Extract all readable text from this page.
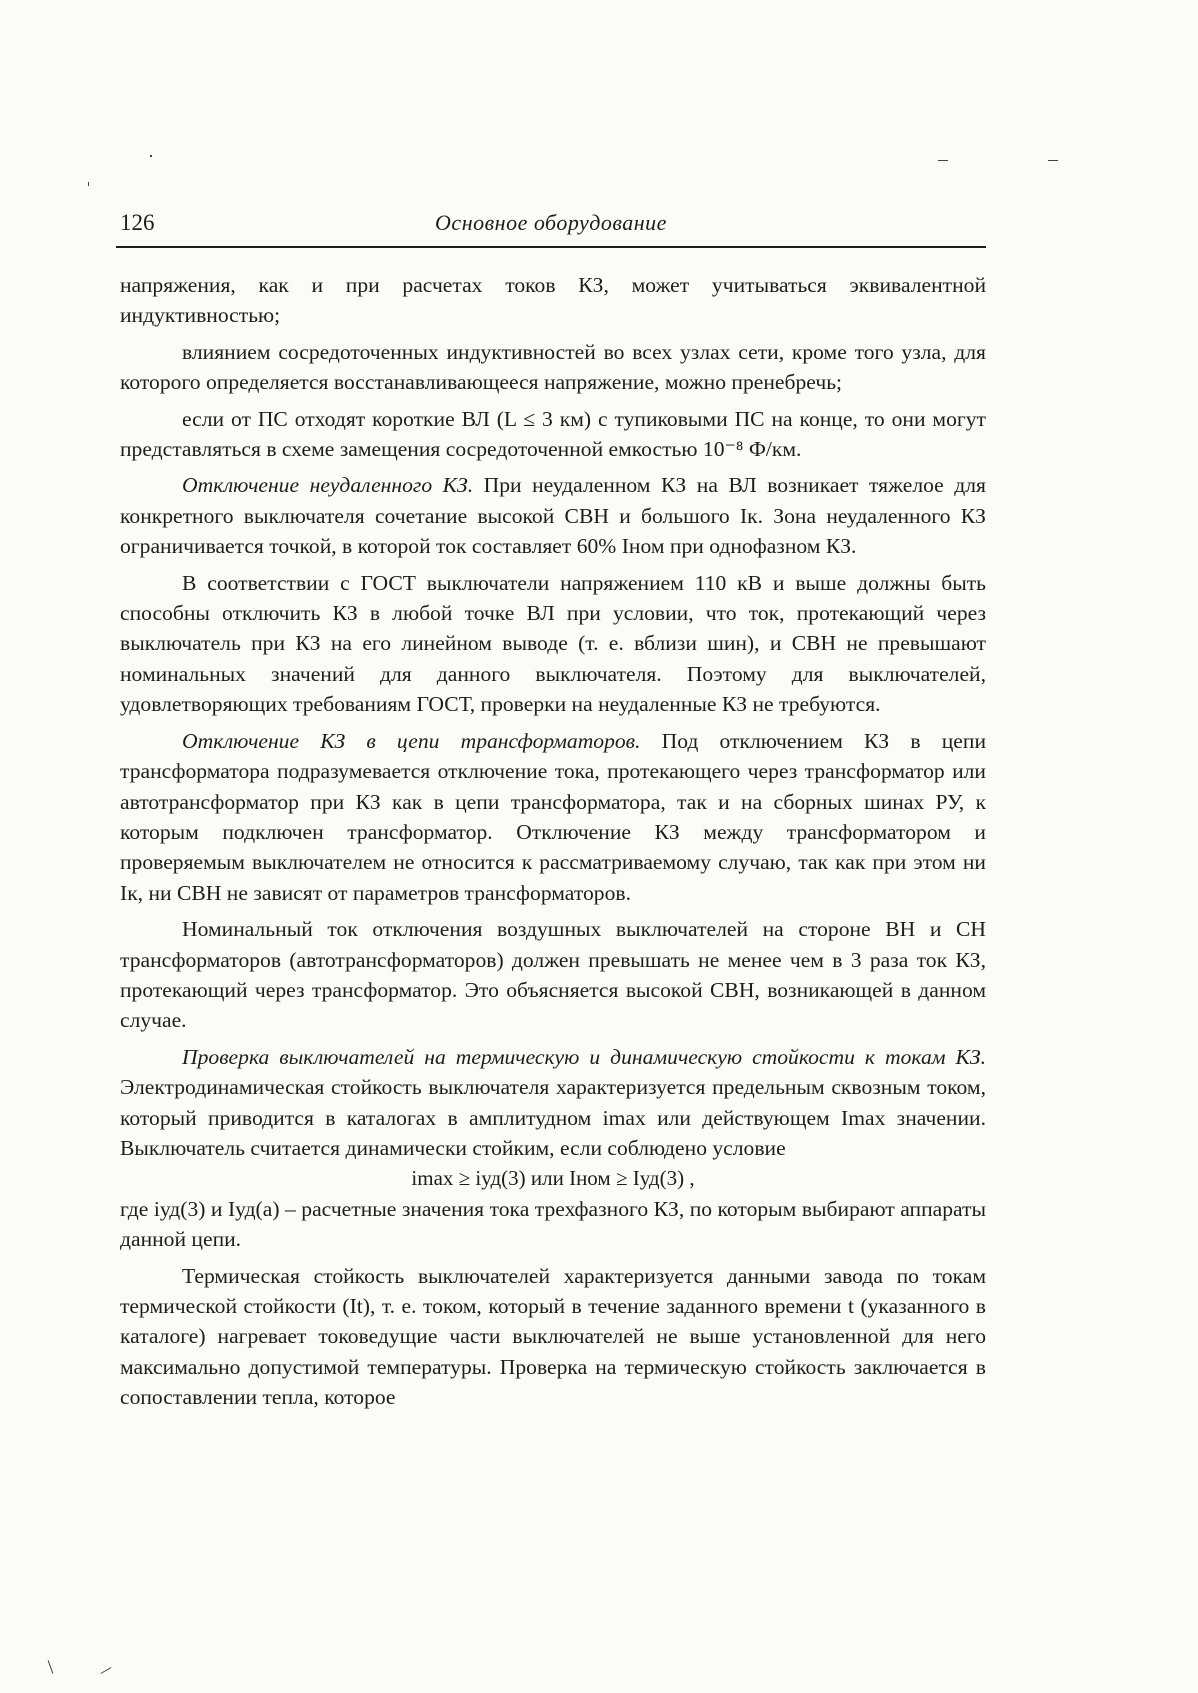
126	Основное оборудование

напряжения, как и при расчетах токов КЗ, может учитываться эквивалентной индуктивностью;

влиянием сосредоточенных индуктивностей во всех узлах сети, кроме того узла, для которого определяется восстанавливающееся напряжение, можно пренебречь;

если от ПС отходят короткие ВЛ (L ≤ 3 км) с тупиковыми ПС на конце, то они могут представляться в схеме замещения сосредоточенной емкостью 10⁻⁸ Ф/км.

Отключение неудаленного КЗ. При неудаленном КЗ на ВЛ возникает тяжелое для конкретного выключателя сочетание высокой СВН и большого Iк. Зона неудаленного КЗ ограничивается точкой, в которой ток составляет 60% Iном при однофазном КЗ.

В соответствии с ГОСТ выключатели напряжением 110 кВ и выше должны быть способны отключить КЗ в любой точке ВЛ при условии, что ток, протекающий через выключатель при КЗ на его линейном выводе (т. е. вблизи шин), и СВН не превышают номинальных значений для данного выключателя. Поэтому для выключателей, удовлетворяющих требованиям ГОСТ, проверки на неудаленные КЗ не требуются.

Отключение КЗ в цепи трансформаторов. Под отключением КЗ в цепи трансформатора подразумевается отключение тока, протекающего через трансформатор или автотрансформатор при КЗ как в цепи трансформатора, так и на сборных шинах РУ, к которым подключен трансформатор. Отключение КЗ между трансформатором и проверяемым выключателем не относится к рассматриваемому случаю, так как при этом ни Iк, ни СВН не зависят от параметров трансформаторов.

Номинальный ток отключения воздушных выключателей на стороне ВН и СН трансформаторов (автотрансформаторов) должен превышать не менее чем в 3 раза ток КЗ, протекающий через трансформатор. Это объясняется высокой СВН, возникающей в данном случае.

Проверка выключателей на термическую и динамическую стойкости к токам КЗ. Электродинамическая стойкость выключателя характеризуется предельным сквозным током, который приводится в каталогах в амплитудном imax или действующем Imax значении. Выключатель считается динамически стойким, если соблюдено условие

imax ≥ iуд(3) или Iном ≥ Iуд(3) ,

где iуд(3) и Iуд(а) – расчетные значения тока трехфазного КЗ, по которым выбирают аппараты данной цепи.

Термическая стойкость выключателей характеризуется данными завода по токам термической стойкости (It), т. е. током, который в течение заданного времени t (указанного в каталоге) нагревает токоведущие части выключателей не выше установленной для него максимально допустимой температуры. Проверка на термическую стойкость заключается в сопоставлении тепла, которое
